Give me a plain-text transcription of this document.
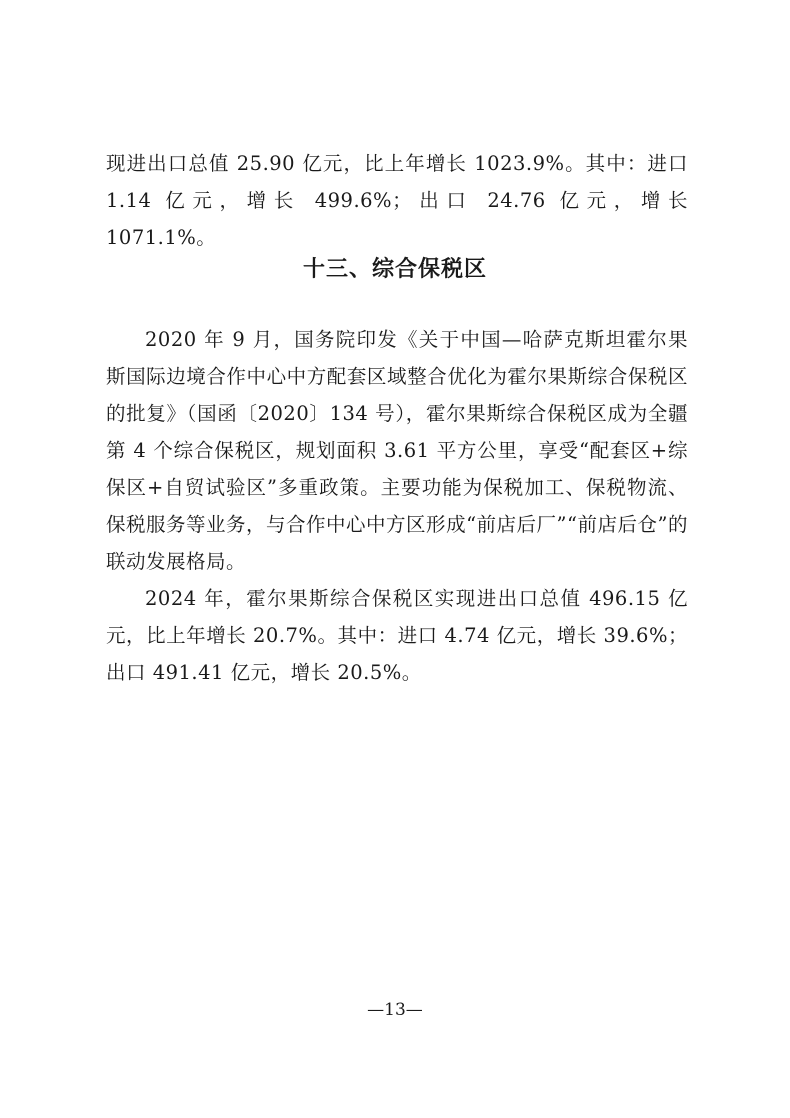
现进出口总值 25.90 亿元，比上年增长 1023.9%。其中：进口 1.14 亿元，增长 499.6%；出口 24.76 亿元，增长 1071.1%。

十三、综合保税区

2020 年 9 月，国务院印发《关于中国—哈萨克斯坦霍尔果斯国际边境合作中心中方配套区域整合优化为霍尔果斯综合保税区的批复》（国函〔2020〕134 号），霍尔果斯综合保税区成为全疆第 4 个综合保税区，规划面积 3.61 平方公里，享受“配套区+综保区+自贸试验区”多重政策。主要功能为保税加工、保税物流、保税服务等业务，与合作中心中方区形成“前店后厂”“前店后仓”的联动发展格局。

2024 年，霍尔果斯综合保税区实现进出口总值 496.15 亿元，比上年增长 20.7%。其中：进口 4.74 亿元，增长 39.6%；出口 491.41 亿元，增长 20.5%。

—13—
